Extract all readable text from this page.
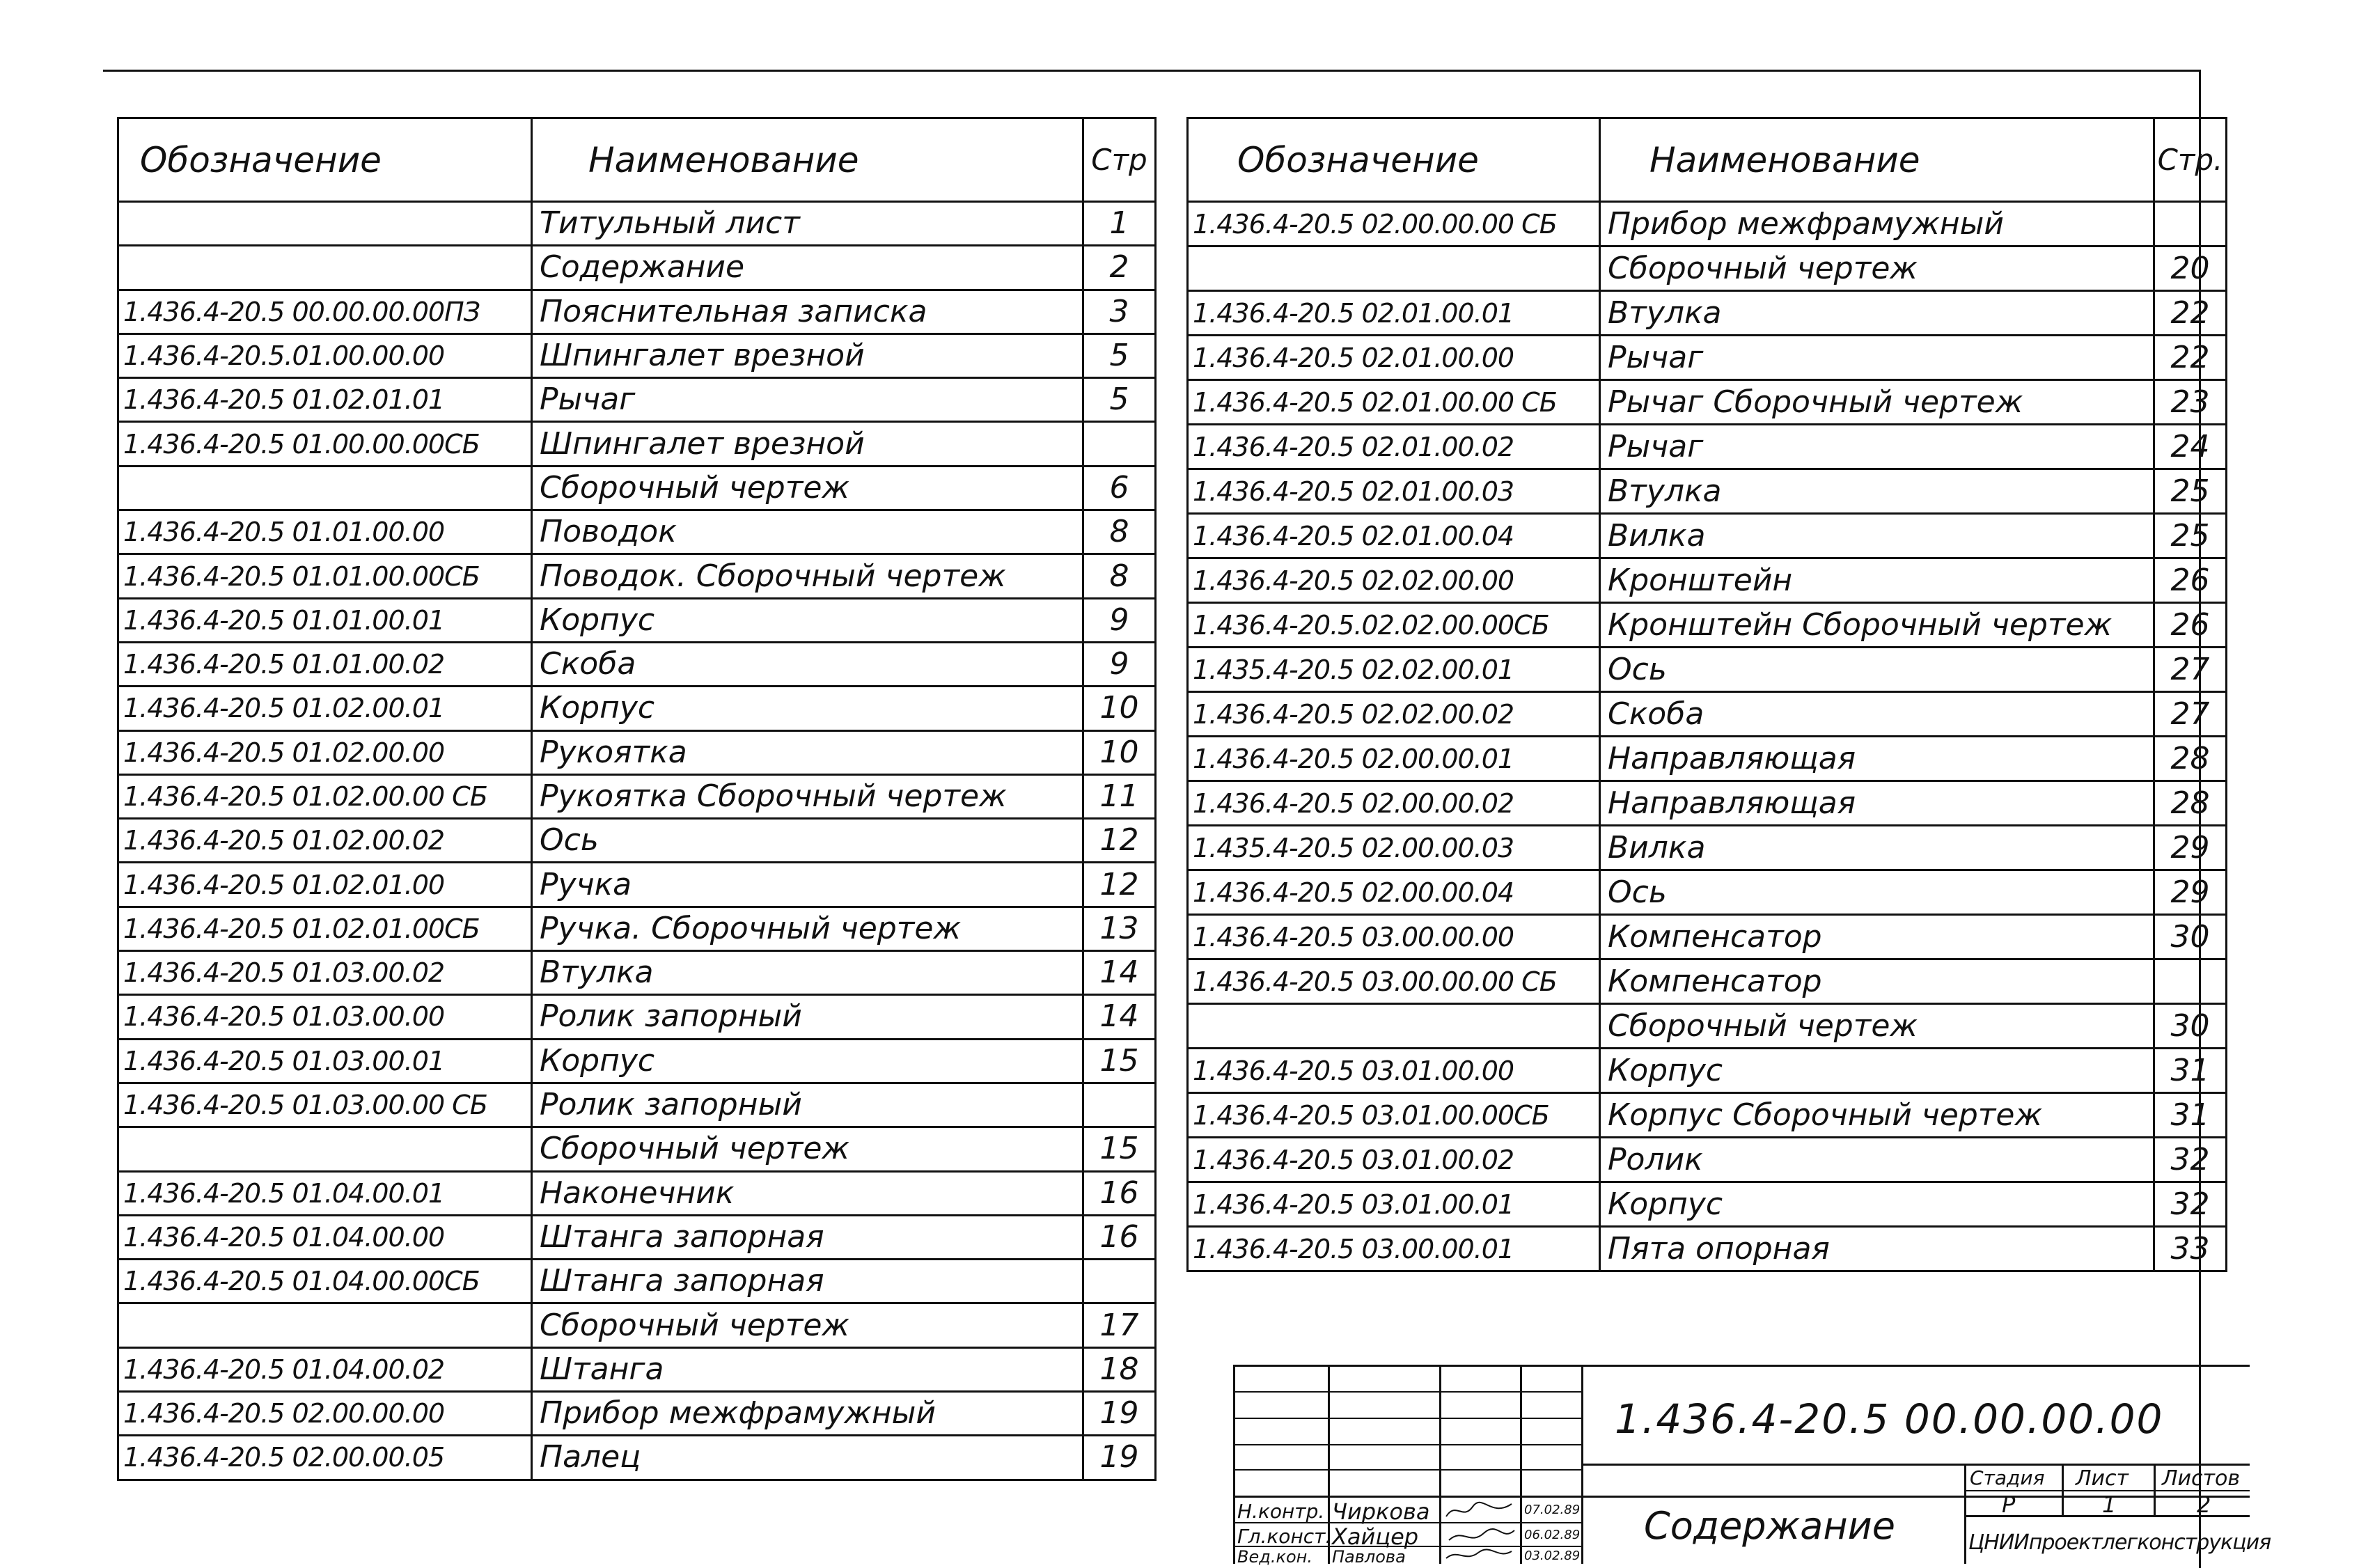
Обозначение	Наименование	Стр
	Титульный лист	1
	Содержание	2
1.436.4-20.5 00.00.00.00ПЗ	Пояснительная записка	3
1.436.4-20.5.01.00.00.00	Шпингалет врезной	5
1.436.4-20.5 01.02.01.01	Рычаг	5
1.436.4-20.5 01.00.00.00СБ	Шпингалет врезной	
	Сборочный чертеж	6
1.436.4-20.5 01.01.00.00	Поводок	8
1.436.4-20.5 01.01.00.00СБ	Поводок. Сборочный чертеж	8
1.436.4-20.5 01.01.00.01	Корпус	9
1.436.4-20.5 01.01.00.02	Скоба	9
1.436.4-20.5 01.02.00.01	Корпус	10
1.436.4-20.5 01.02.00.00	Рукоятка	10
1.436.4-20.5 01.02.00.00 СБ	Рукоятка Сборочный чертеж	11
1.436.4-20.5 01.02.00.02	Ось	12
1.436.4-20.5 01.02.01.00	Ручка	12
1.436.4-20.5 01.02.01.00СБ	Ручка. Сборочный чертеж	13
1.436.4-20.5 01.03.00.02	Втулка	14
1.436.4-20.5 01.03.00.00	Ролик запорный	14
1.436.4-20.5 01.03.00.01	Корпус	15
1.436.4-20.5 01.03.00.00 СБ	Ролик запорный	
	Сборочный чертеж	15
1.436.4-20.5 01.04.00.01	Наконечник	16
1.436.4-20.5 01.04.00.00	Штанга запорная	16
1.436.4-20.5 01.04.00.00СБ	Штанга запорная	
	Сборочный чертеж	17
1.436.4-20.5 01.04.00.02	Штанга	18
1.436.4-20.5 02.00.00.00	Прибор межфрамужный	19
1.436.4-20.5 02.00.00.05	Палец	19
Обозначение	Наименование	Стр.
1.436.4-20.5 02.00.00.00 СБ	Прибор межфрамужный	
	Сборочный чертеж	20
1.436.4-20.5 02.01.00.01	Втулка	22
1.436.4-20.5 02.01.00.00	Рычаг	22
1.436.4-20.5 02.01.00.00 СБ	Рычаг Сборочный чертеж	23
1.436.4-20.5 02.01.00.02	Рычаг	24
1.436.4-20.5 02.01.00.03	Втулка	25
1.436.4-20.5 02.01.00.04	Вилка	25
1.436.4-20.5 02.02.00.00	Кронштейн	26
1.436.4-20.5.02.02.00.00СБ	Кронштейн Сборочный чертеж	26
1.435.4-20.5 02.02.00.01	Ось	27
1.436.4-20.5 02.02.00.02	Скоба	27
1.436.4-20.5 02.00.00.01	Направляющая	28
1.436.4-20.5 02.00.00.02	Направляющая	28
1.435.4-20.5 02.00.00.03	Вилка	29
1.436.4-20.5 02.00.00.04	Ось	29
1.436.4-20.5 03.00.00.00	Компенсатор	30
1.436.4-20.5 03.00.00.00 СБ	Компенсатор	
	Сборочный чертеж	30
1.436.4-20.5 03.01.00.00	Корпус	31
1.436.4-20.5 03.01.00.00СБ	Корпус Сборочный чертеж	31
1.436.4-20.5 03.01.00.02	Ролик	32
1.436.4-20.5 03.01.00.01	Корпус	32
1.436.4-20.5 03.00.00.01	Пята опорная	33
1.436.4-20.5 00.00.00.00
Содержание
Стадия Лист Листов
Р	1	2
ЦНИИпроектлегконструкция
Н.контр. Чиркова	07.02.89
Гл.конст. Хайцер	06.02.89
Вед.кон. Павлова	03.02.89
